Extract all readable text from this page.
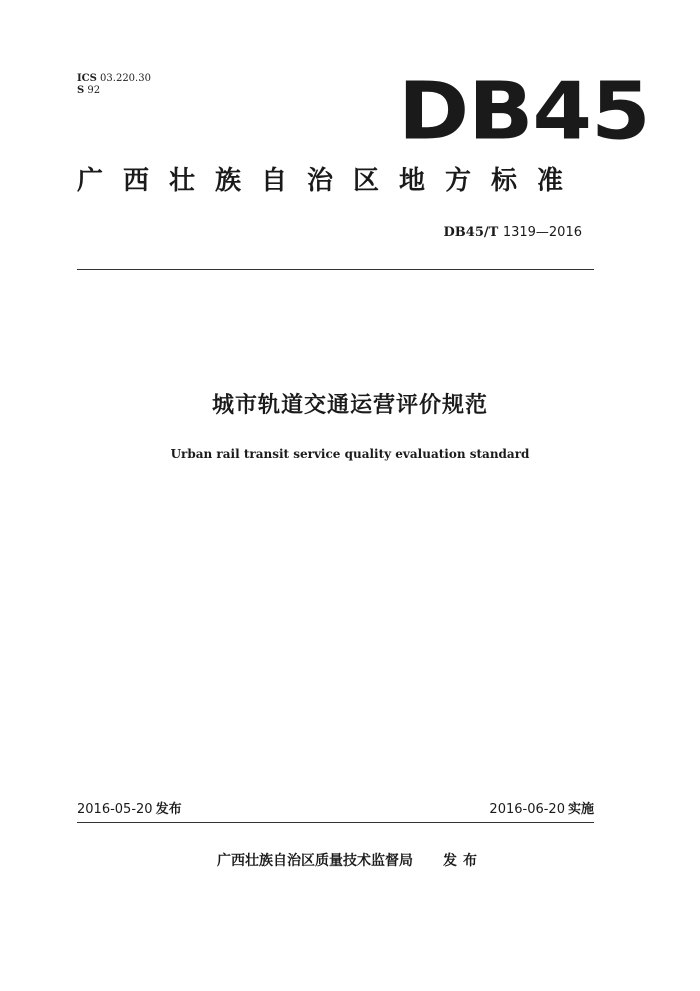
ICS 03.220.30
S 92	DB45
广西壮族自治区地方标准
DB45/T 1319—2016
城市轨道交通运营评价规范
Urban rail transit service quality evaluation standard
2016-05-20 发布	2016-06-20 实施
广西壮族自治区质量技术监督局 发布
